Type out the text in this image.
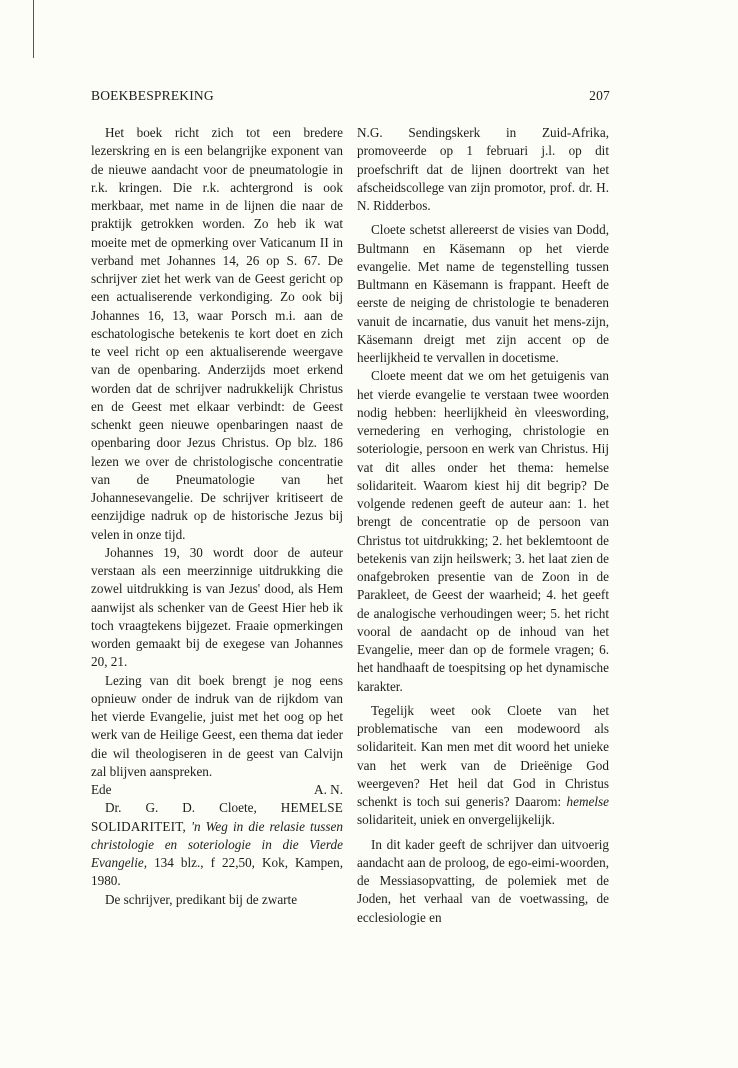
BOEKBESPREKING	207

Het boek richt zich tot een bredere lezerskring en is een belangrijke exponent van de nieuwe aandacht voor de pneumatologie in r.k. kringen. Die r.k. achtergrond is ook merkbaar, met name in de lijnen die naar de praktijk getrokken worden. Zo heb ik wat moeite met de opmerking over Vaticanum II in verband met Johannes 14, 26 op S. 67. De schrijver ziet het werk van de Geest gericht op een actualiserende verkondiging. Zo ook bij Johannes 16, 13, waar Porsch m.i. aan de eschatologische betekenis te kort doet en zich te veel richt op een aktualiserende weergave van de openbaring. Anderzijds moet erkend worden dat de schrijver nadrukkelijk Christus en de Geest met elkaar verbindt: de Geest schenkt geen nieuwe openbaringen naast de openbaring door Jezus Christus. Op blz. 186 lezen we over de christologische concentratie van de Pneumatologie van het Johannesevangelie. De schrijver kritiseert de eenzijdige nadruk op de historische Jezus bij velen in onze tijd.

Johannes 19, 30 wordt door de auteur verstaan als een meerzinnige uitdrukking die zowel uitdrukking is van Jezus' dood, als Hem aanwijst als schenker van de Geest Hier heb ik toch vraagtekens bijgezet. Fraaie opmerkingen worden gemaakt bij de exegese van Johannes 20, 21.

Lezing van dit boek brengt je nog eens opnieuw onder de indruk van de rijkdom van het vierde Evangelie, juist met het oog op het werk van de Heilige Geest, een thema dat ieder die wil theologiseren in de geest van Calvijn zal blijven aanspreken.

Ede	A. N.

Dr. G. D. Cloete, HEMELSE SOLIDARITEIT, 'n Weg in die relasie tussen christologie en soteriologie in die Vierde Evangelie, 134 blz., f 22,50, Kok, Kampen, 1980.

De schrijver, predikant bij de zwarte

N.G. Sendingskerk in Zuid-Afrika, promoveerde op 1 februari j.l. op dit proefschrift dat de lijnen doortrekt van het afscheidscollege van zijn promotor, prof. dr. H. N. Ridderbos.

Cloete schetst allereerst de visies van Dodd, Bultmann en Käsemann op het vierde evangelie. Met name de tegenstelling tussen Bultmann en Käsemann is frappant. Heeft de eerste de neiging de christologie te benaderen vanuit de incarnatie, dus vanuit het mens-zijn, Käsemann dreigt met zijn accent op de heerlijkheid te vervallen in docetisme.

Cloete meent dat we om het getuigenis van het vierde evangelie te verstaan twee woorden nodig hebben: heerlijkheid èn vleeswording, vernedering en verhoging, christologie en soteriologie, persoon en werk van Christus. Hij vat dit alles onder het thema: hemelse solidariteit. Waarom kiest hij dit begrip? De volgende redenen geeft de auteur aan: 1. het brengt de concentratie op de persoon van Christus tot uitdrukking; 2. het beklemtoont de betekenis van zijn heilswerk; 3. het laat zien de onafgebroken presentie van de Zoon in de Parakleet, de Geest der waarheid; 4. het geeft de analogische verhoudingen weer; 5. het richt vooral de aandacht op de inhoud van het Evangelie, meer dan op de formele vragen; 6. het handhaaft de toespitsing op het dynamische karakter.

Tegelijk weet ook Cloete van het problematische van een modewoord als solidariteit. Kan men met dit woord het unieke van het werk van de Drieënige God weergeven? Het heil dat God in Christus schenkt is toch sui generis? Daarom: hemelse solidariteit, uniek en onvergelijkelijk.

In dit kader geeft de schrijver dan uitvoerig aandacht aan de proloog, de ego-eimi-woorden, de Messiasopvatting, de polemiek met de Joden, het verhaal van de voetwassing, de ecclesiologie en
